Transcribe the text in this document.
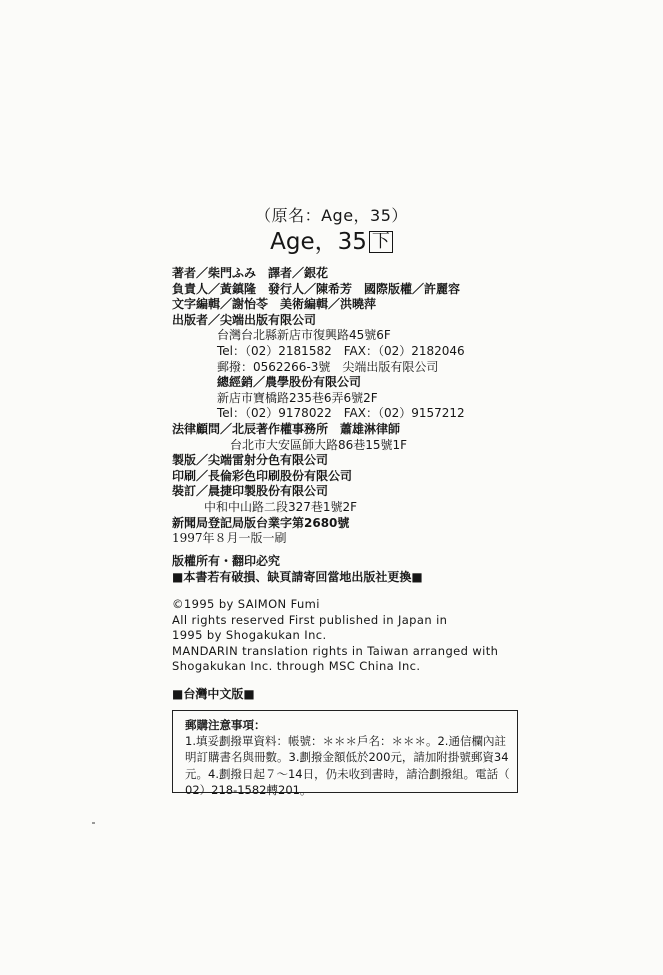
（原名：Age，35）
Age，35 下
著者／柴門ふみ　譯者／銀花
負責人／黃鎮隆　發行人／陳希芳　國際版權／許麗容
文字編輯／謝怡苓　美術編輯／洪曉萍
出版者／尖端出版有限公司
台灣台北縣新店市復興路45號6F
Tel：（02）2181582　FAX：（02）2182046
郵撥：0562266-3號　尖端出版有限公司
總經銷／農學股份有限公司
新店市寶橋路235巷6弄6號2F
Tel：（02）9178022　FAX：（02）9157212
法律顧問／北辰著作權事務所　蕭雄淋律師
台北市大安區師大路86巷15號1F
製版／尖端雷射分色有限公司
印刷／長倫彩色印刷股份有限公司
裝訂／晨捷印製股份有限公司
中和中山路二段327巷1號2F
新聞局登記局版台業字第2680號
1997年８月一版一刷
版權所有・翻印必究
■本書若有破損、缺頁請寄回當地出版社更換■
©1995 by SAIMON Fumi
All rights reserved First published in Japan in
1995 by Shogakukan Inc.
MANDARIN translation rights in Taiwan arranged with
Shogakukan Inc. through MSC China Inc.
■台灣中文版■
郵購注意事項：
1.填妥劃撥單資料：帳號：＊＊＊戶名：＊＊＊。2.通信欄內註
明訂購書名與冊數。3.劃撥金額低於200元，請加附掛號郵資34
元。4.劃撥日起７～14日，仍未收到書時，請洽劃撥組。電話（
02）218-1582轉201。
